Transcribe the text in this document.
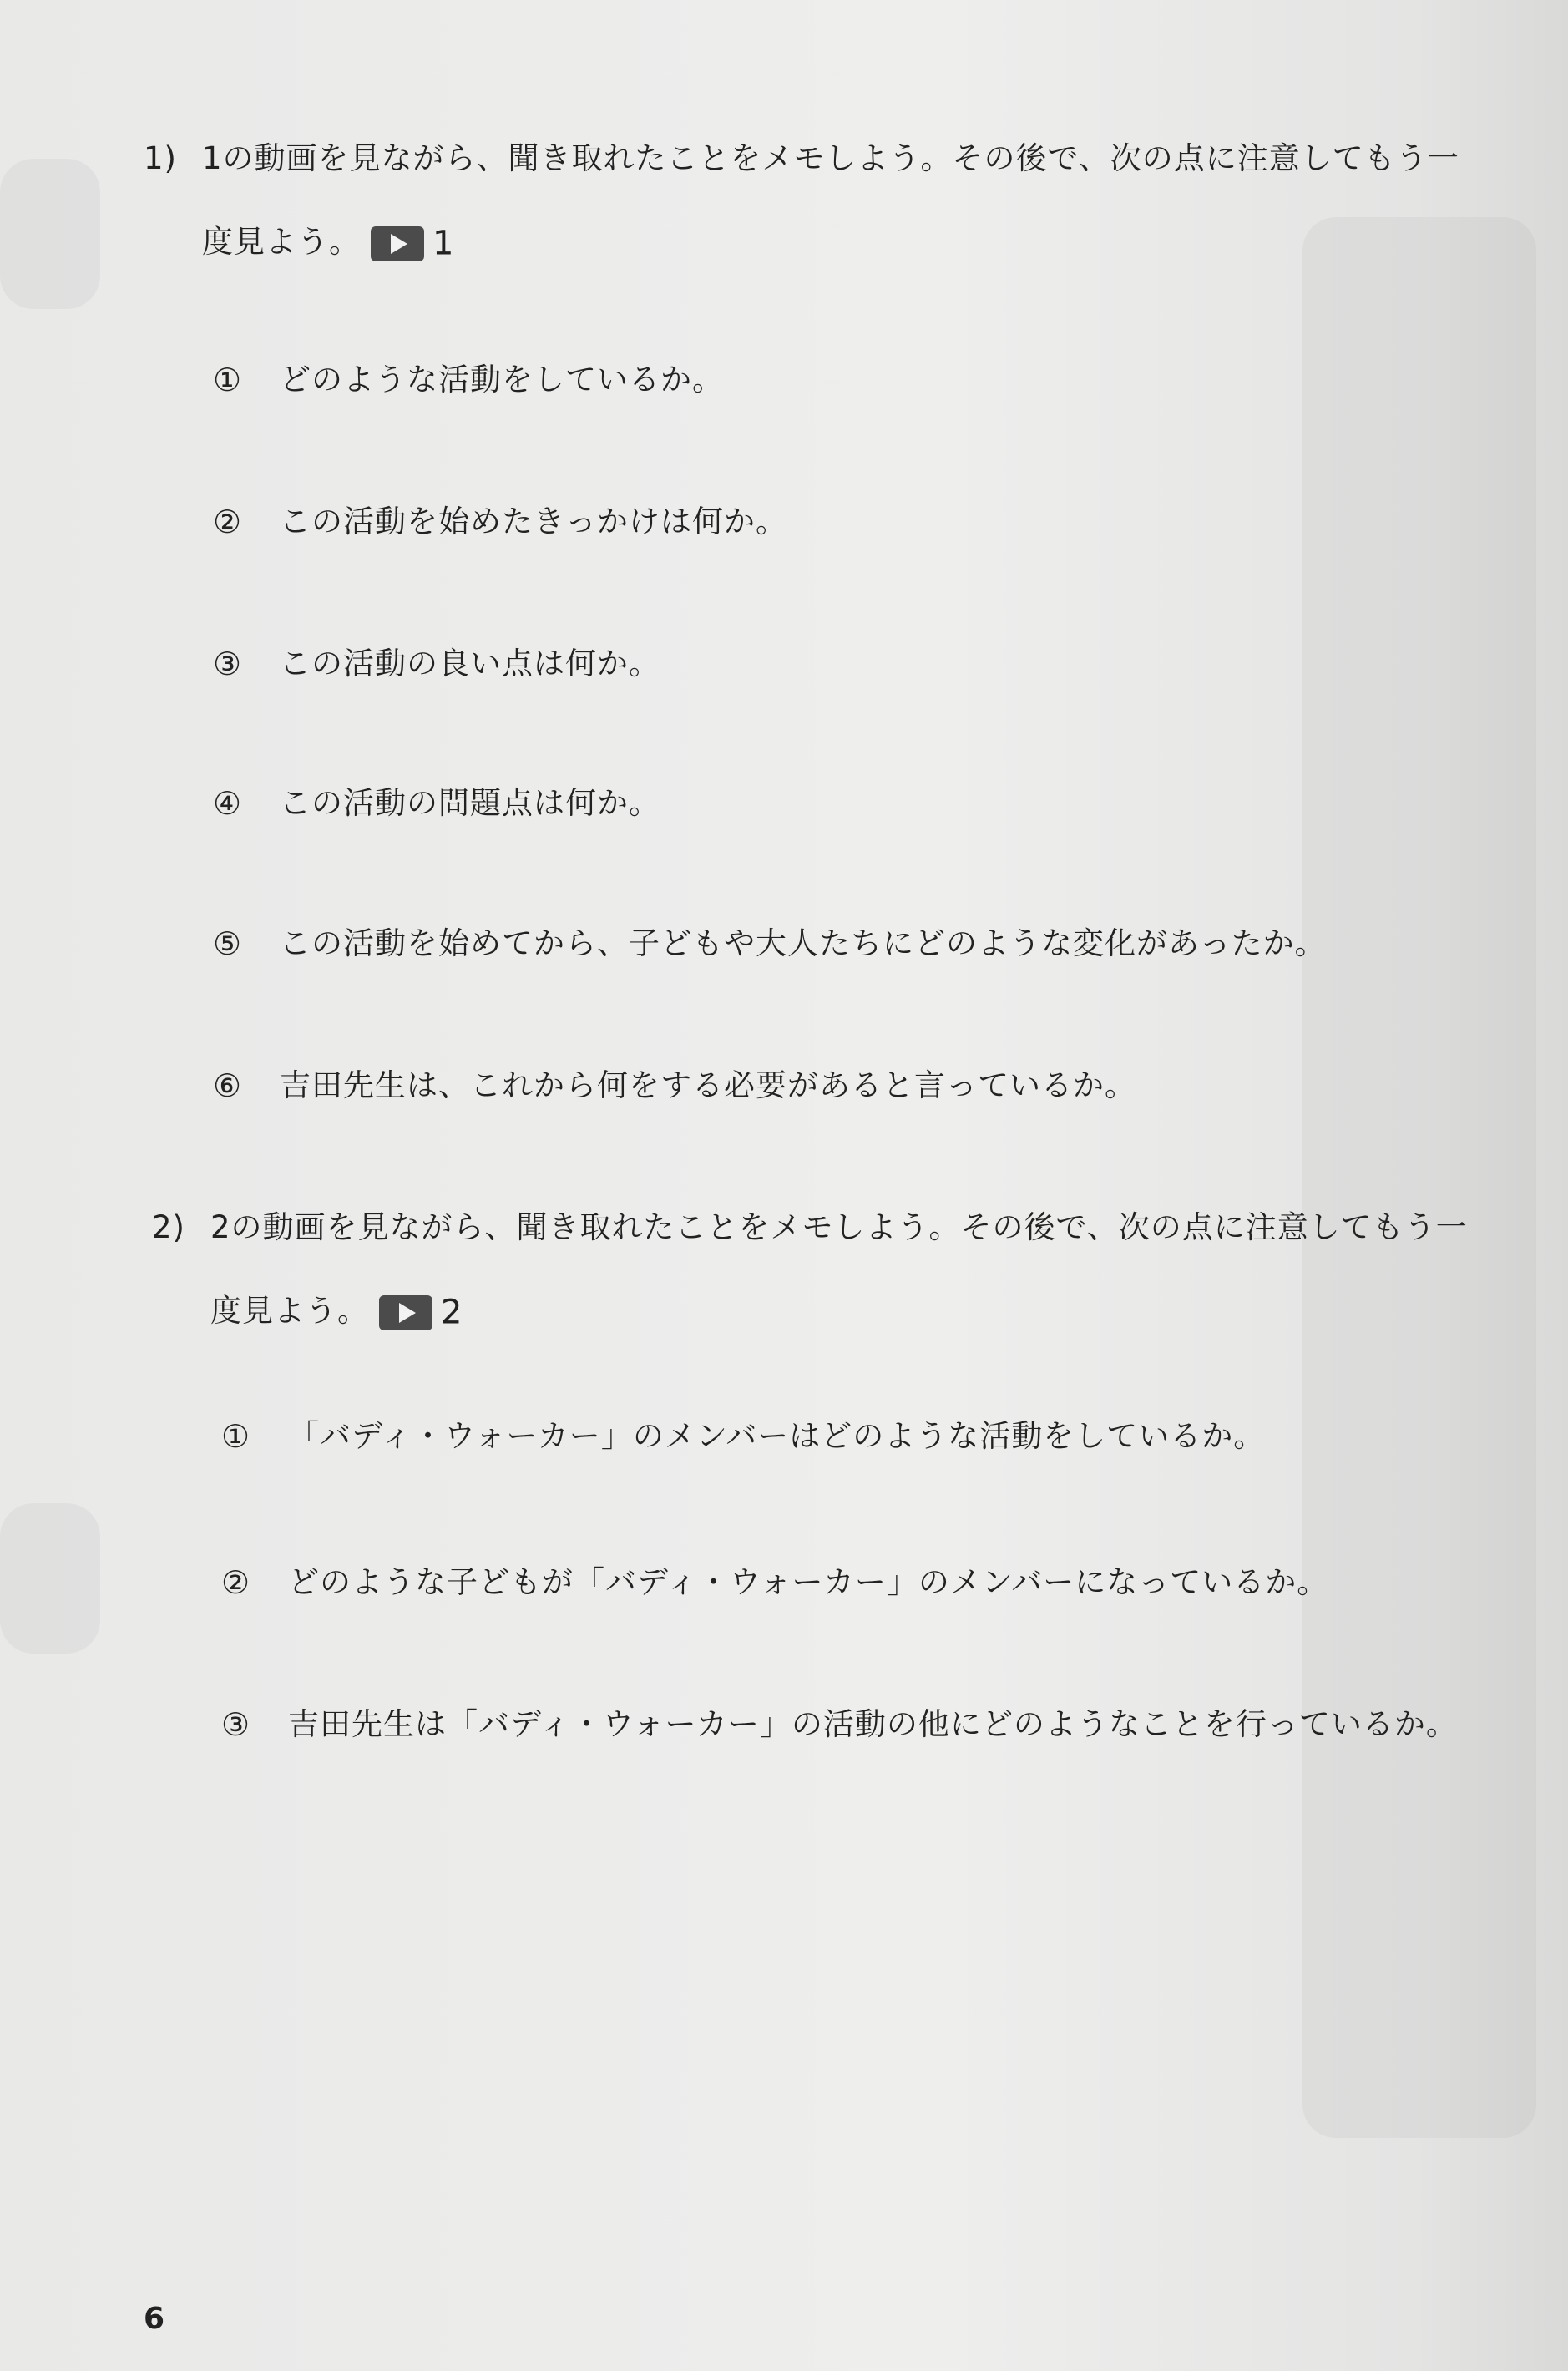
1) 1の動画を見ながら、聞き取れたことをメモしよう。その後で、次の点に注意してもう一度見よう。 1
① どのような活動をしているか。
② この活動を始めたきっかけは何か。
③ この活動の良い点は何か。
④ この活動の問題点は何か。
⑤ この活動を始めてから、子どもや大人たちにどのような変化があったか。
⑥ 吉田先生は、これから何をする必要があると言っているか。
2) 2の動画を見ながら、聞き取れたことをメモしよう。その後で、次の点に注意してもう一度見よう。 2
① 「バディ・ウォーカー」のメンバーはどのような活動をしているか。
② どのような子どもが「バディ・ウォーカー」のメンバーになっているか。
③ 吉田先生は「バディ・ウォーカー」の活動の他にどのようなことを行っているか。
6
